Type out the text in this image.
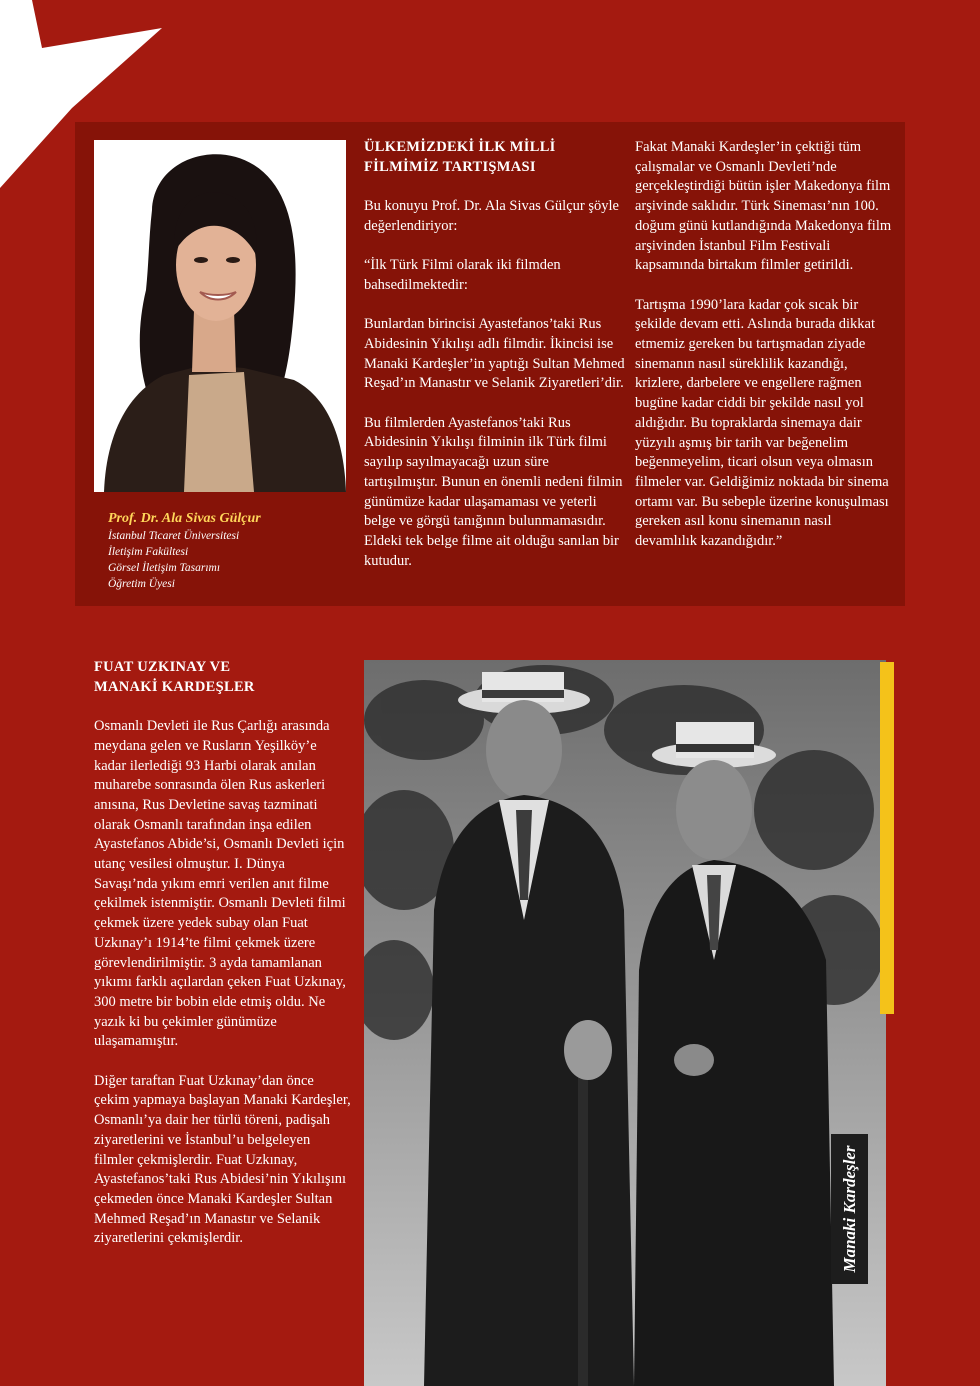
Prof. Dr. Ala Sivas Gülçur
İstanbul Ticaret Üniversitesi
İletişim Fakültesi
Görsel İletişim Tasarımı
Öğretim Üyesi
ÜLKEMİZDEKİ İLK MİLLİ
FİLMİMİZ TARTIŞMASI

Bu konuyu Prof. Dr. Ala Sivas Gülçur şöyle değerlendiriyor:

“İlk Türk Filmi olarak iki filmden bahsedilmektedir:

Bunlardan birincisi Ayastefanos’taki Rus Abidesinin Yıkılışı adlı filmdir. İkincisi ise Manaki Kardeşler’in yaptığı Sultan Mehmed Reşad’ın Manastır ve Selanik Ziyaretleri’dir.

Bu filmlerden Ayastefanos’taki Rus Abidesinin Yıkılışı filminin ilk Türk filmi sayılıp sayılmayacağı uzun süre tartışılmıştır. Bunun en önemli nedeni filmin günümüze kadar ulaşamaması ve yeterli belge ve görgü tanığının bulunmamasıdır. Eldeki tek belge filme ait olduğu sanılan bir kutudur.

Fakat Manaki Kardeşler’in çektiği tüm çalışmalar ve Osmanlı Devleti’nde gerçekleştirdiği bütün işler Makedonya film arşivinde saklıdır. Türk Sineması’nın 100. doğum günü kutlandığında Makedonya film arşivinden İstanbul Film Festivali kapsamında birtakım filmler getirildi.

Tartışma 1990’lara kadar çok sıcak bir şekilde devam etti. Aslında burada dikkat etmemiz gereken bu tartışmadan ziyade sinemanın nasıl süreklilik kazandığı, krizlere, darbelere ve engellere rağmen bugüne kadar ciddi bir şekilde nasıl yol aldığıdır. Bu topraklarda sinemaya dair yüzyılı aşmış bir tarih var beğenelim beğenmeyelim, ticari olsun veya olmasın filmeler var. Geldiğimiz noktada bir sinema ortamı var. Bu sebeple üzerine konuşulması gereken asıl konu sinemanın nasıl devamlılık kazandığıdır.”

FUAT UZKINAY VE
MANAKİ KARDEŞLER

Osmanlı Devleti ile Rus Çarlığı arasında meydana gelen ve Rusların Yeşilköy’e kadar ilerlediği 93 Harbi olarak anılan muharebe sonrasında ölen Rus askerleri anısına, Rus Devletine savaş tazminati olarak Osmanlı tarafından inşa edilen Ayastefanos Abide’si, Osmanlı Devleti için utanç vesilesi olmuştur. I. Dünya Savaşı’nda yıkım emri verilen anıt filme çekilmek istenmiştir. Osmanlı Devleti filmi çekmek üzere yedek subay olan Fuat Uzkınay’ı 1914’te filmi çekmek üzere görevlendirilmiştir. 3 ayda tamamlanan yıkımı farklı açılardan çeken Fuat Uzkınay, 300 metre bir bobin elde etmiş oldu. Ne yazık ki bu çekimler günümüze ulaşamamıştır.

Diğer taraftan Fuat Uzkınay’dan önce çekim yapmaya başlayan Manaki Kardeşler, Osmanlı’ya dair her türlü töreni, padişah ziyaretlerini ve İstanbul’u belgeleyen filmler çekmişlerdir. Fuat Uzkınay, Ayastefanos’taki Rus Abidesi’nin Yıkılışını çekmeden önce Manaki Kardeşler Sultan Mehmed Reşad’ın Manastır ve Selanik ziyaretlerini çekmişlerdir.	Manaki Kardeşler
